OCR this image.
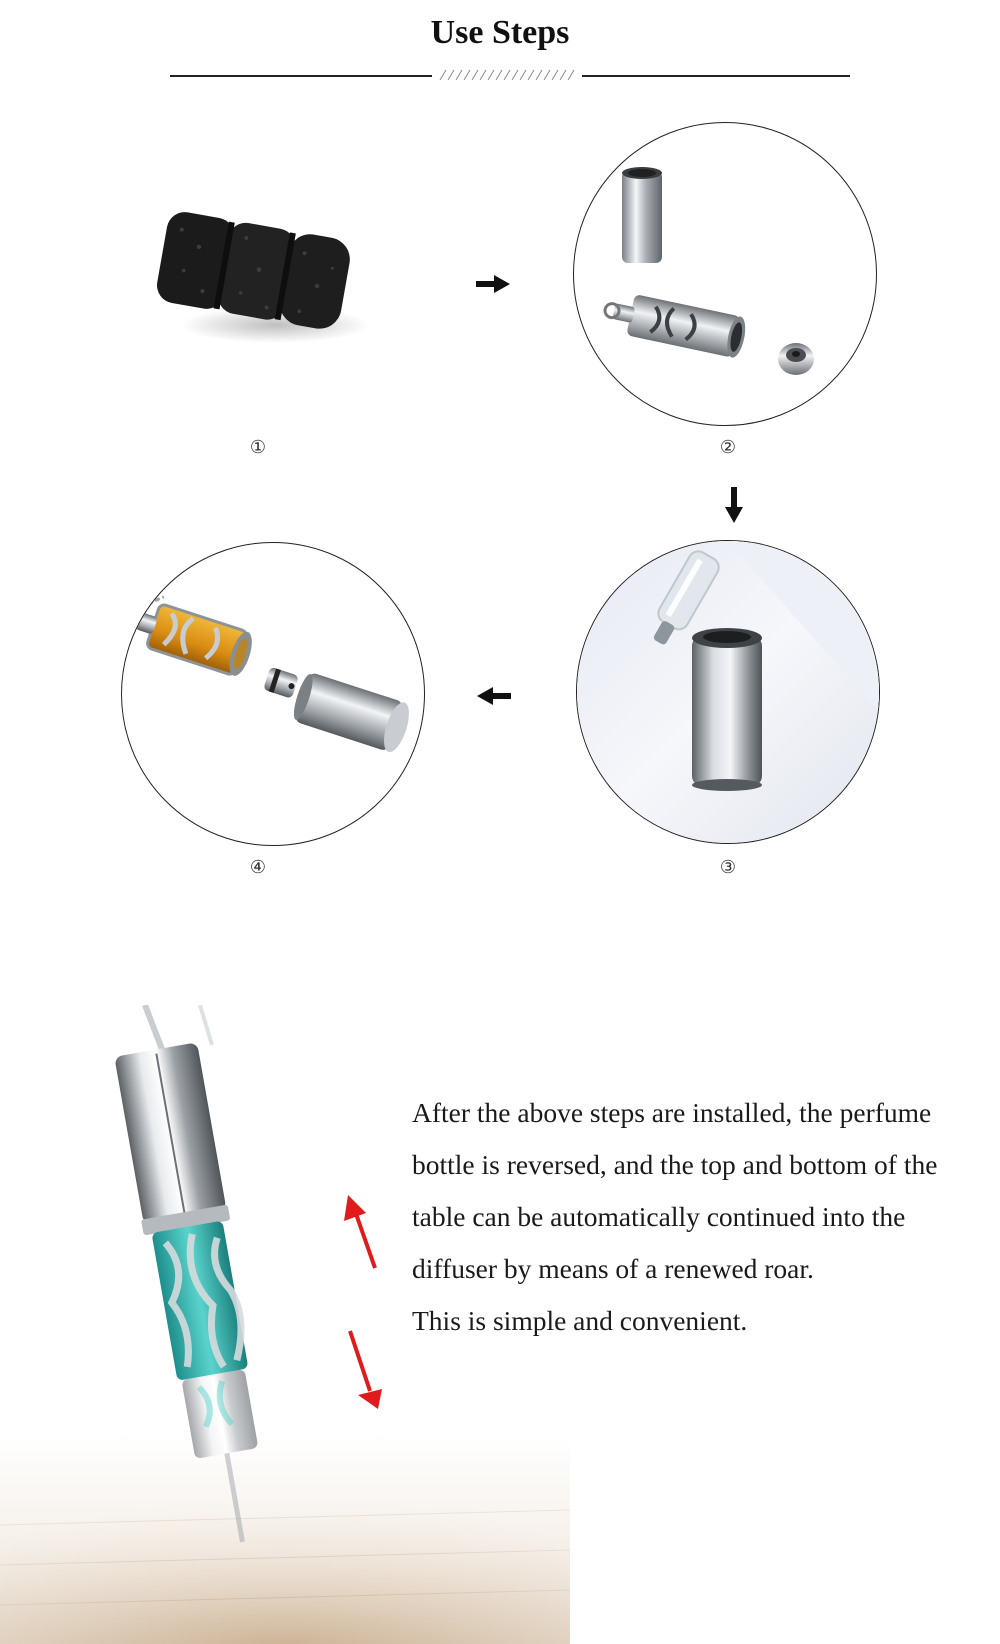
Use Steps
①	②
③
④

After the above steps are installed, the perfume

bottle is reversed, and the top and bottom of the

table can be automatically continued into the

diffuser by means of a renewed roar.

This is simple and convenient.
